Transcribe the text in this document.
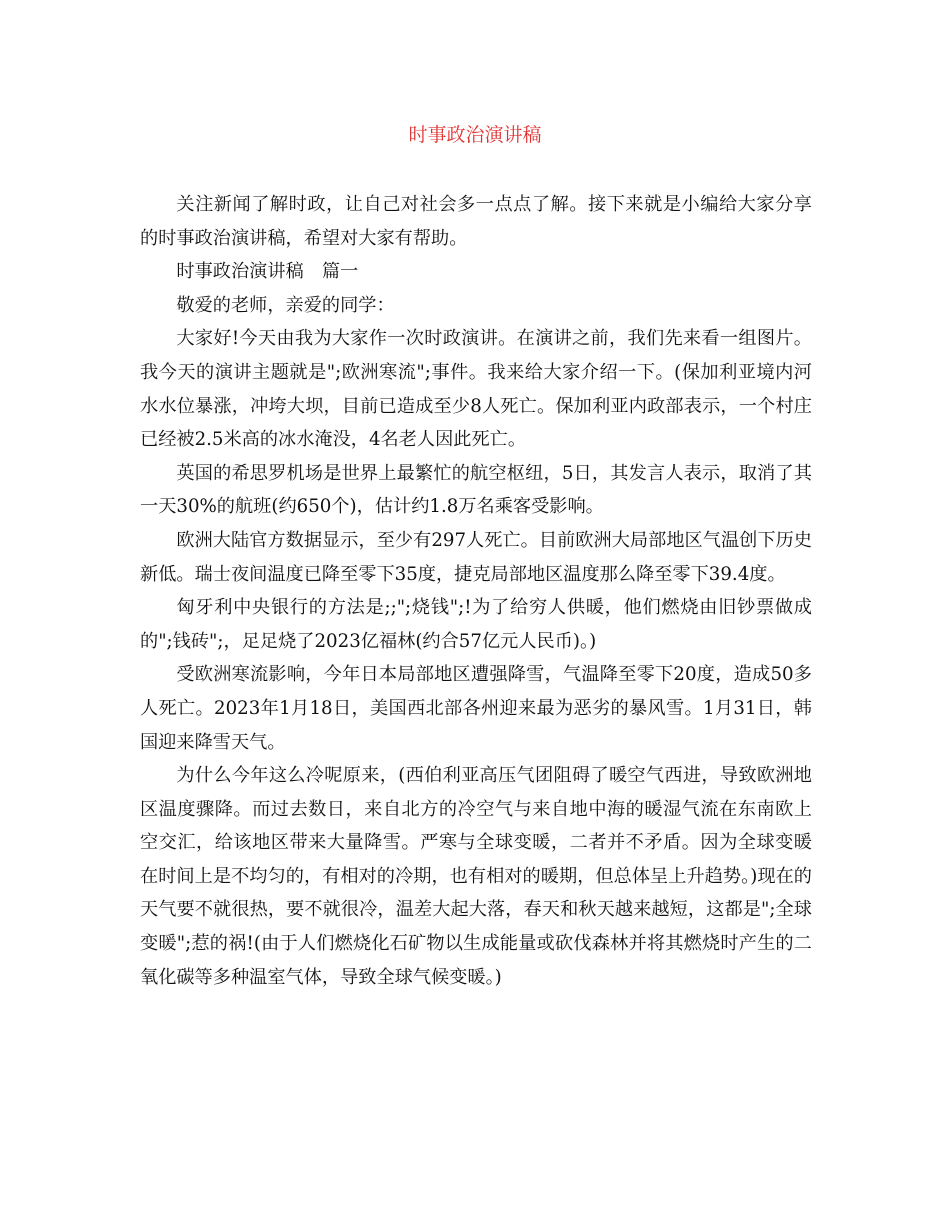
时事政治演讲稿

关注新闻了解时政，让自己对社会多一点点了解。接下来就是小编给大家分享的时事政治演讲稿，希望对大家有帮助。

时事政治演讲稿　篇一

敬爱的老师，亲爱的同学：

大家好!今天由我为大家作一次时政演讲。在演讲之前，我们先来看一组图片。我今天的演讲主题就是";欧洲寒流";事件。我来给大家介绍一下。(保加利亚境内河水水位暴涨，冲垮大坝，目前已造成至少8人死亡。保加利亚内政部表示，一个村庄已经被2.5米高的冰水淹没，4名老人因此死亡。

英国的希思罗机场是世界上最繁忙的航空枢纽，5日，其发言人表示，取消了其一天30%的航班(约650个)，估计约1.8万名乘客受影响。

欧洲大陆官方数据显示，至少有297人死亡。目前欧洲大局部地区气温创下历史新低。瑞士夜间温度已降至零下35度，捷克局部地区温度那么降至零下39.4度。

匈牙利中央银行的方法是;;";烧钱";!为了给穷人供暖，他们燃烧由旧钞票做成的";钱砖";，足足烧了2023亿福林(约合57亿元人民币)。)

受欧洲寒流影响，今年日本局部地区遭强降雪，气温降至零下20度，造成50多人死亡。2023年1月18日，美国西北部各州迎来最为恶劣的暴风雪。1月31日，韩国迎来降雪天气。

为什么今年这么冷呢原来，(西伯利亚高压气团阻碍了暖空气西进，导致欧洲地区温度骤降。而过去数日，来自北方的冷空气与来自地中海的暖湿气流在东南欧上空交汇，给该地区带来大量降雪。严寒与全球变暖，二者并不矛盾。因为全球变暖在时间上是不均匀的，有相对的冷期，也有相对的暖期，但总体呈上升趋势。)现在的天气要不就很热，要不就很冷，温差大起大落，春天和秋天越来越短，这都是";全球变暖";惹的祸!(由于人们燃烧化石矿物以生成能量或砍伐森林并将其燃烧时产生的二氧化碳等多种温室气体，导致全球气候变暖。)
